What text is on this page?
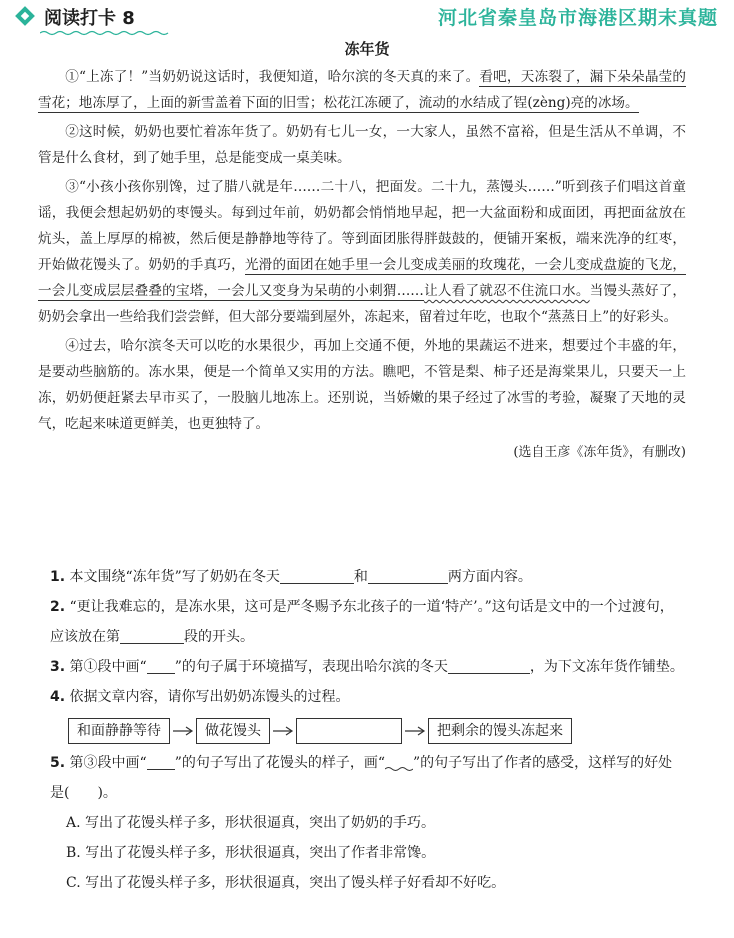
阅读打卡 8	河北省秦皇岛市海港区期末真题
冻年货

①“上冻了！”当奶奶说这话时，我便知道，哈尔滨的冬天真的来了。看吧，天冻裂了，漏下朵朵晶莹的雪花；地冻厚了，上面的新雪盖着下面的旧雪；松花江冻硬了，流动的水结成了锃(zèng)亮的冰场。

②这时候，奶奶也要忙着冻年货了。奶奶有七儿一女，一大家人，虽然不富裕，但是生活从不单调，不管是什么食材，到了她手里，总是能变成一桌美味。

③“小孩小孩你别馋，过了腊八就是年……二十八，把面发。二十九，蒸馒头……”听到孩子们唱这首童谣，我便会想起奶奶的枣馒头。每到过年前，奶奶都会悄悄地早起，把一大盆面粉和成面团，再把面盆放在炕头，盖上厚厚的棉被，然后便是静静地等待了。等到面团胀得胖鼓鼓的，便铺开案板，端来洗净的红枣，开始做花馒头了。奶奶的手真巧，光滑的面团在她手里一会儿变成美丽的玫瑰花，一会儿变成盘旋的飞龙，一会儿变成层层叠叠的宝塔，一会儿又变身为呆萌的小刺猬……让人看了就忍不住流口水。当馒头蒸好了，奶奶会拿出一些给我们尝尝鲜，但大部分要端到屋外，冻起来，留着过年吃，也取个“蒸蒸日上”的好彩头。

④过去，哈尔滨冬天可以吃的水果很少，再加上交通不便，外地的果蔬运不进来，想要过个丰盛的年，是要动些脑筋的。冻水果，便是一个简单又实用的方法。瞧吧，不管是梨、柿子还是海棠果儿，只要天一上冻，奶奶便赶紧去早市买了，一股脑儿地冻上。还别说，当娇嫩的果子经过了冰雪的考验，凝聚了天地的灵气，吃起来味道更鲜美，也更独特了。

(选自王彦《冻年货》，有删改)

1. 本文围绕“冻年货”写了奶奶在冬天	和	两方面内容。

2. “更让我难忘的，是冻水果，这可是严冬赐予东北孩子的一道‘特产’。”这句话是文中的一个过渡句，应该放在第	段的开头。

3. 第①段中画“ ”的句子属于环境描写，表现出哈尔滨的冬天	，为下文冻年货作铺垫。

4. 依据文章内容，请你写出奶奶冻馒头的过程。

和面静静等待	做花馒头	把剩余的馒头冻起来

5. 第③段中画“ ”的句子写出了花馒头的样子，画“ ”的句子写出了作者的感受，这样写的好处是(　　)。

A. 写出了花馒头样子多，形状很逼真，突出了奶奶的手巧。

B. 写出了花馒头样子多，形状很逼真，突出了作者非常馋。

C. 写出了花馒头样子多，形状很逼真，突出了馒头样子好看却不好吃。
